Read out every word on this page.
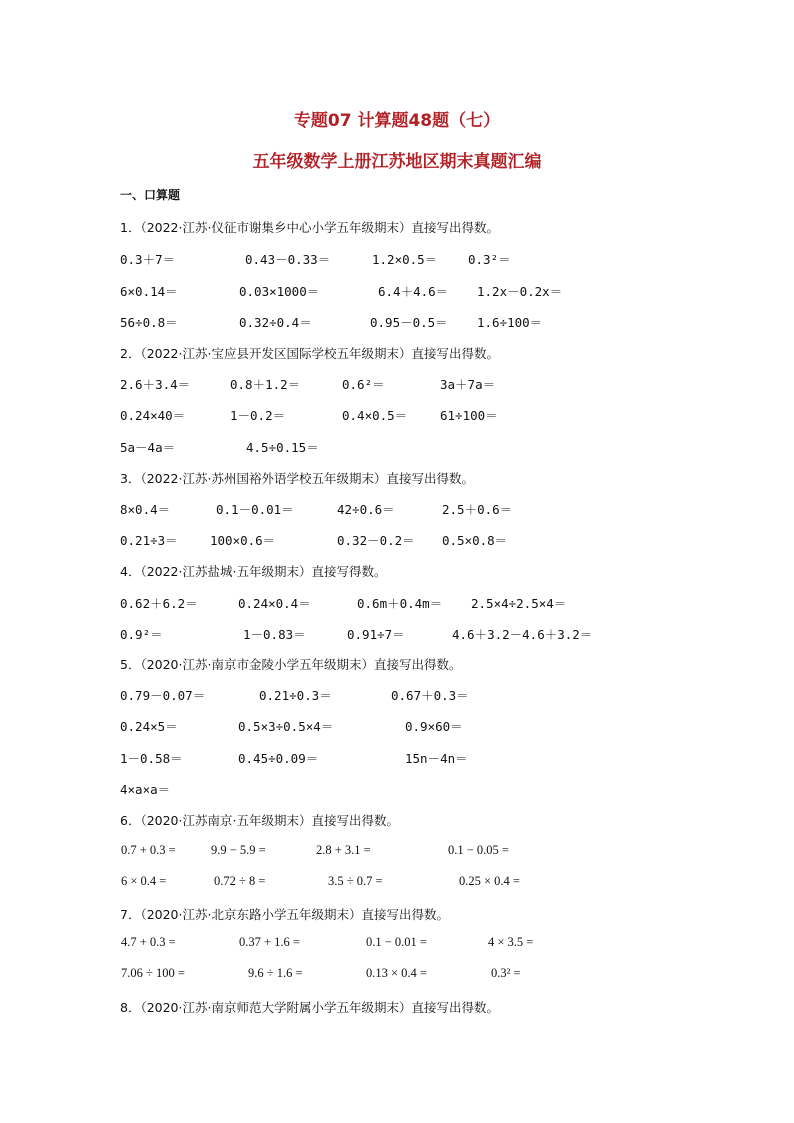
专题07 计算题48题（七）
五年级数学上册江苏地区期末真题汇编
一、口算题
1．（2022·江苏·仪征市谢集乡中心小学五年级期末）直接写出得数。
0.3＋7＝	0.43－0.33＝	1.2×0.5＝ 0.3²＝
6×0.14＝	0.03×1000＝	6.4＋4.6＝ 1.2x－0.2x＝
56÷0.8＝	0.32÷0.4＝	0.95－0.5＝ 1.6÷100＝
2．（2022·江苏·宝应县开发区国际学校五年级期末）直接写出得数。
2.6＋3.4＝	0.8＋1.2＝	0.6²＝	3a＋7a＝
0.24×40＝	1－0.2＝	0.4×0.5＝	61÷100＝
5a－4a＝	4.5÷0.15＝
3．（2022·江苏·苏州国裕外语学校五年级期末）直接写出得数。
8×0.4＝	0.1－0.01＝	42÷0.6＝	2.5＋0.6＝
0.21÷3＝	100×0.6＝	0.32－0.2＝ 0.5×0.8＝
4．（2022·江苏盐城·五年级期末）直接写得数。
0.62＋6.2＝	0.24×0.4＝	0.6m＋0.4m＝ 2.5×4÷2.5×4＝
0.9²＝	1－0.83＝	0.91÷7＝	4.6＋3.2－4.6＋3.2＝
5．（2020·江苏·南京市金陵小学五年级期末）直接写出得数。
0.79－0.07＝	0.21÷0.3＝	0.67＋0.3＝
0.24×5＝	0.5×3÷0.5×4＝	0.9×60＝
1－0.58＝	0.45÷0.09＝	15n－4n＝
4×a×a＝
6．（2020·江苏南京·五年级期末）直接写出得数。
0.7 + 0.3 =	9.9 − 5.9 =	2.8 + 3.1 =	0.1 − 0.05 =
6 × 0.4 =	0.72 ÷ 8 =	3.5 ÷ 0.7 =	0.25 × 0.4 =
7．（2020·江苏·北京东路小学五年级期末）直接写出得数。
4.7 + 0.3 =	0.37 + 1.6 =	0.1 − 0.01 =	4 × 3.5 =
7.06 ÷ 100 =	9.6 ÷ 1.6 =	0.13 × 0.4 =	0.3² =
8．（2020·江苏·南京师范大学附属小学五年级期末）直接写出得数。
